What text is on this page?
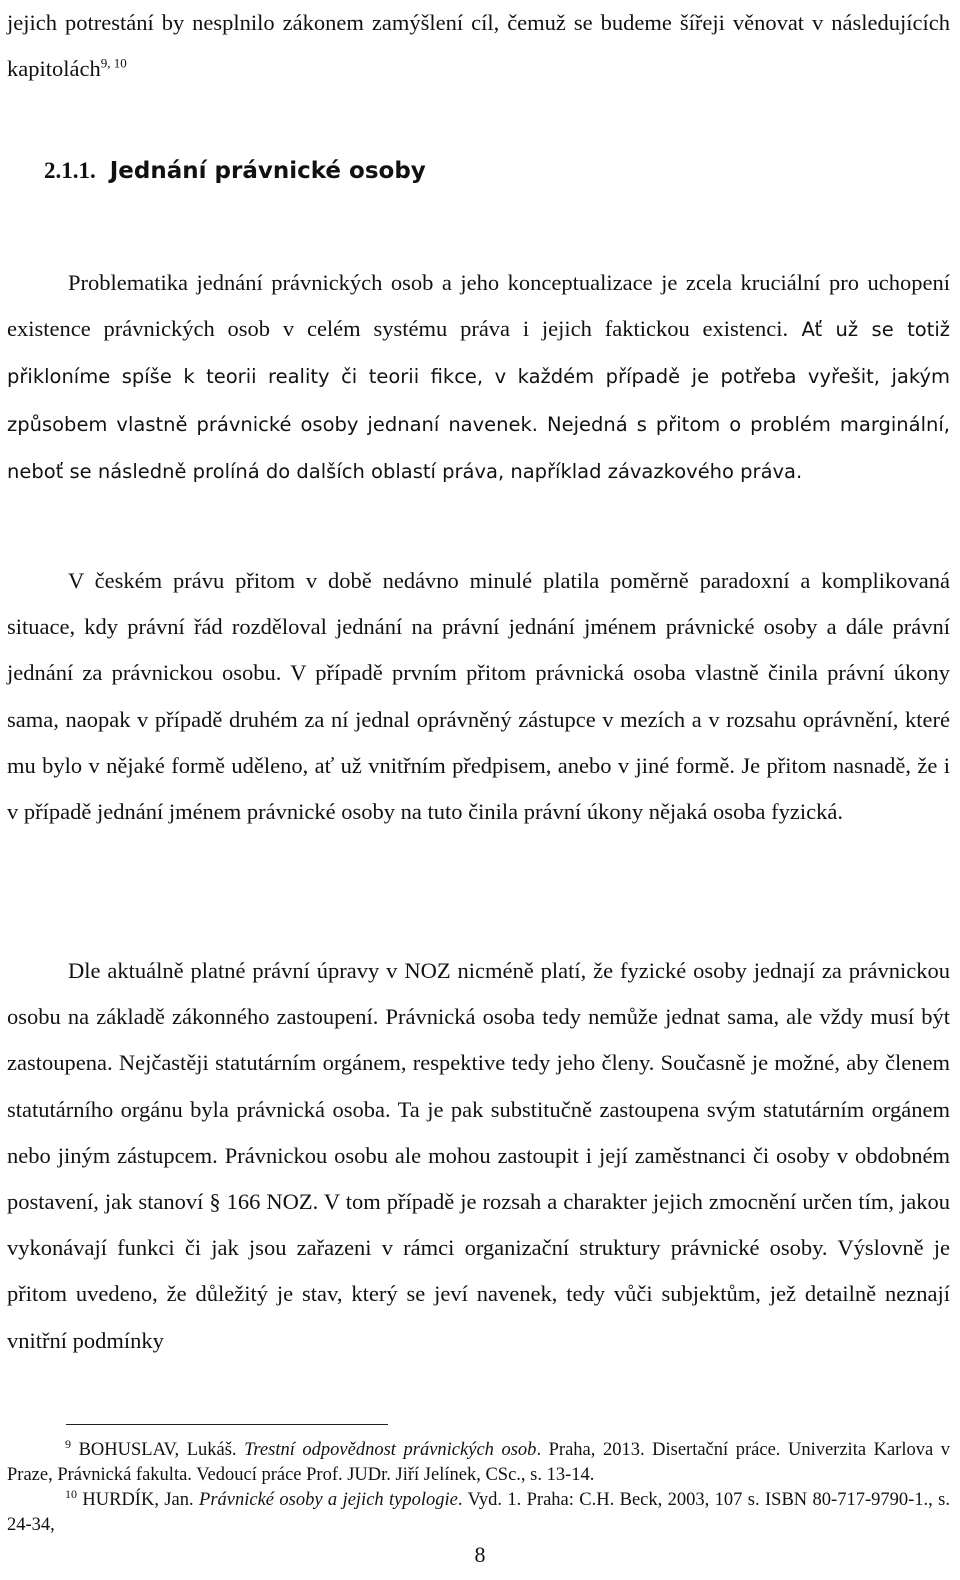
jejich potrestání by nesplnilo zákonem zamýšlení cíl, čemuž se budeme šířeji věnovat v následujících kapitolách$^{9,}$ $^{10}$

2.1.1. Jednání právnické osoby

Problematika jednání právnických osob a jeho konceptualizace je zcela kruciální pro uchopení existence právnických osob v celém systému práva i jejich faktickou existenci. Ať už se totiž přikloníme spíše k teorii reality či teorii fikce, v každém případě je potřeba vyřešit, jakým způsobem vlastně právnické osoby jednaní navenek. Nejedná s přitom o problém marginální, neboť se následně prolíná do dalších oblastí práva, například závazkového práva.

V českém právu přitom v době nedávno minulé platila poměrně paradoxní a komplikovaná situace, kdy právní řád rozděloval jednání na právní jednání jménem právnické osoby a dále právní jednání za právnickou osobu. V případě prvním přitom právnická osoba vlastně činila právní úkony sama, naopak v případě druhém za ní jednal oprávněný zástupce v mezích a v rozsahu oprávnění, které mu bylo v nějaké formě uděleno, ať už vnitřním předpisem, anebo v jiné formě. Je přitom nasnadě, že i v případě jednání jménem právnické osoby na tuto činila právní úkony nějaká osoba fyzická.

Dle aktuálně platné právní úpravy v NOZ nicméně platí, že fyzické osoby jednají za právnickou osobu na základě zákonného zastoupení. Právnická osoba tedy nemůže jednat sama, ale vždy musí být zastoupena. Nejčastěji statutárním orgánem, respektive tedy jeho členy. Současně je možné, aby členem statutárního orgánu byla právnická osoba. Ta je pak substitučně zastoupena svým statutárním orgánem nebo jiným zástupcem. Právnickou osobu ale mohou zastoupit i její zaměstnanci či osoby v obdobném postavení, jak stanoví § 166 NOZ. V tom případě je rozsah a charakter jejich zmocnění určen tím, jakou vykonávají funkci či jak jsou zařazeni v rámci organizační struktury právnické osoby. Výslovně je přitom uvedeno, že důležitý je stav, který se jeví navenek, tedy vůči subjektům, jež detailně neznají vnitřní podmínky

$^9$ BOHUSLAV, Lukáš. Trestní odpovědnost právnických osob. Praha, 2013. Disertační práce. Univerzita Karlova v Praze, Právnická fakulta. Vedoucí práce Prof. JUDr. Jiří Jelínek, CSc., s. 13-14.

$^{10}$ HURDÍK, Jan. Právnické osoby a jejich typologie. Vyd. 1. Praha: C.H. Beck, 2003, 107 s. ISBN 80-717-9790-1., s. 24-34,

8
